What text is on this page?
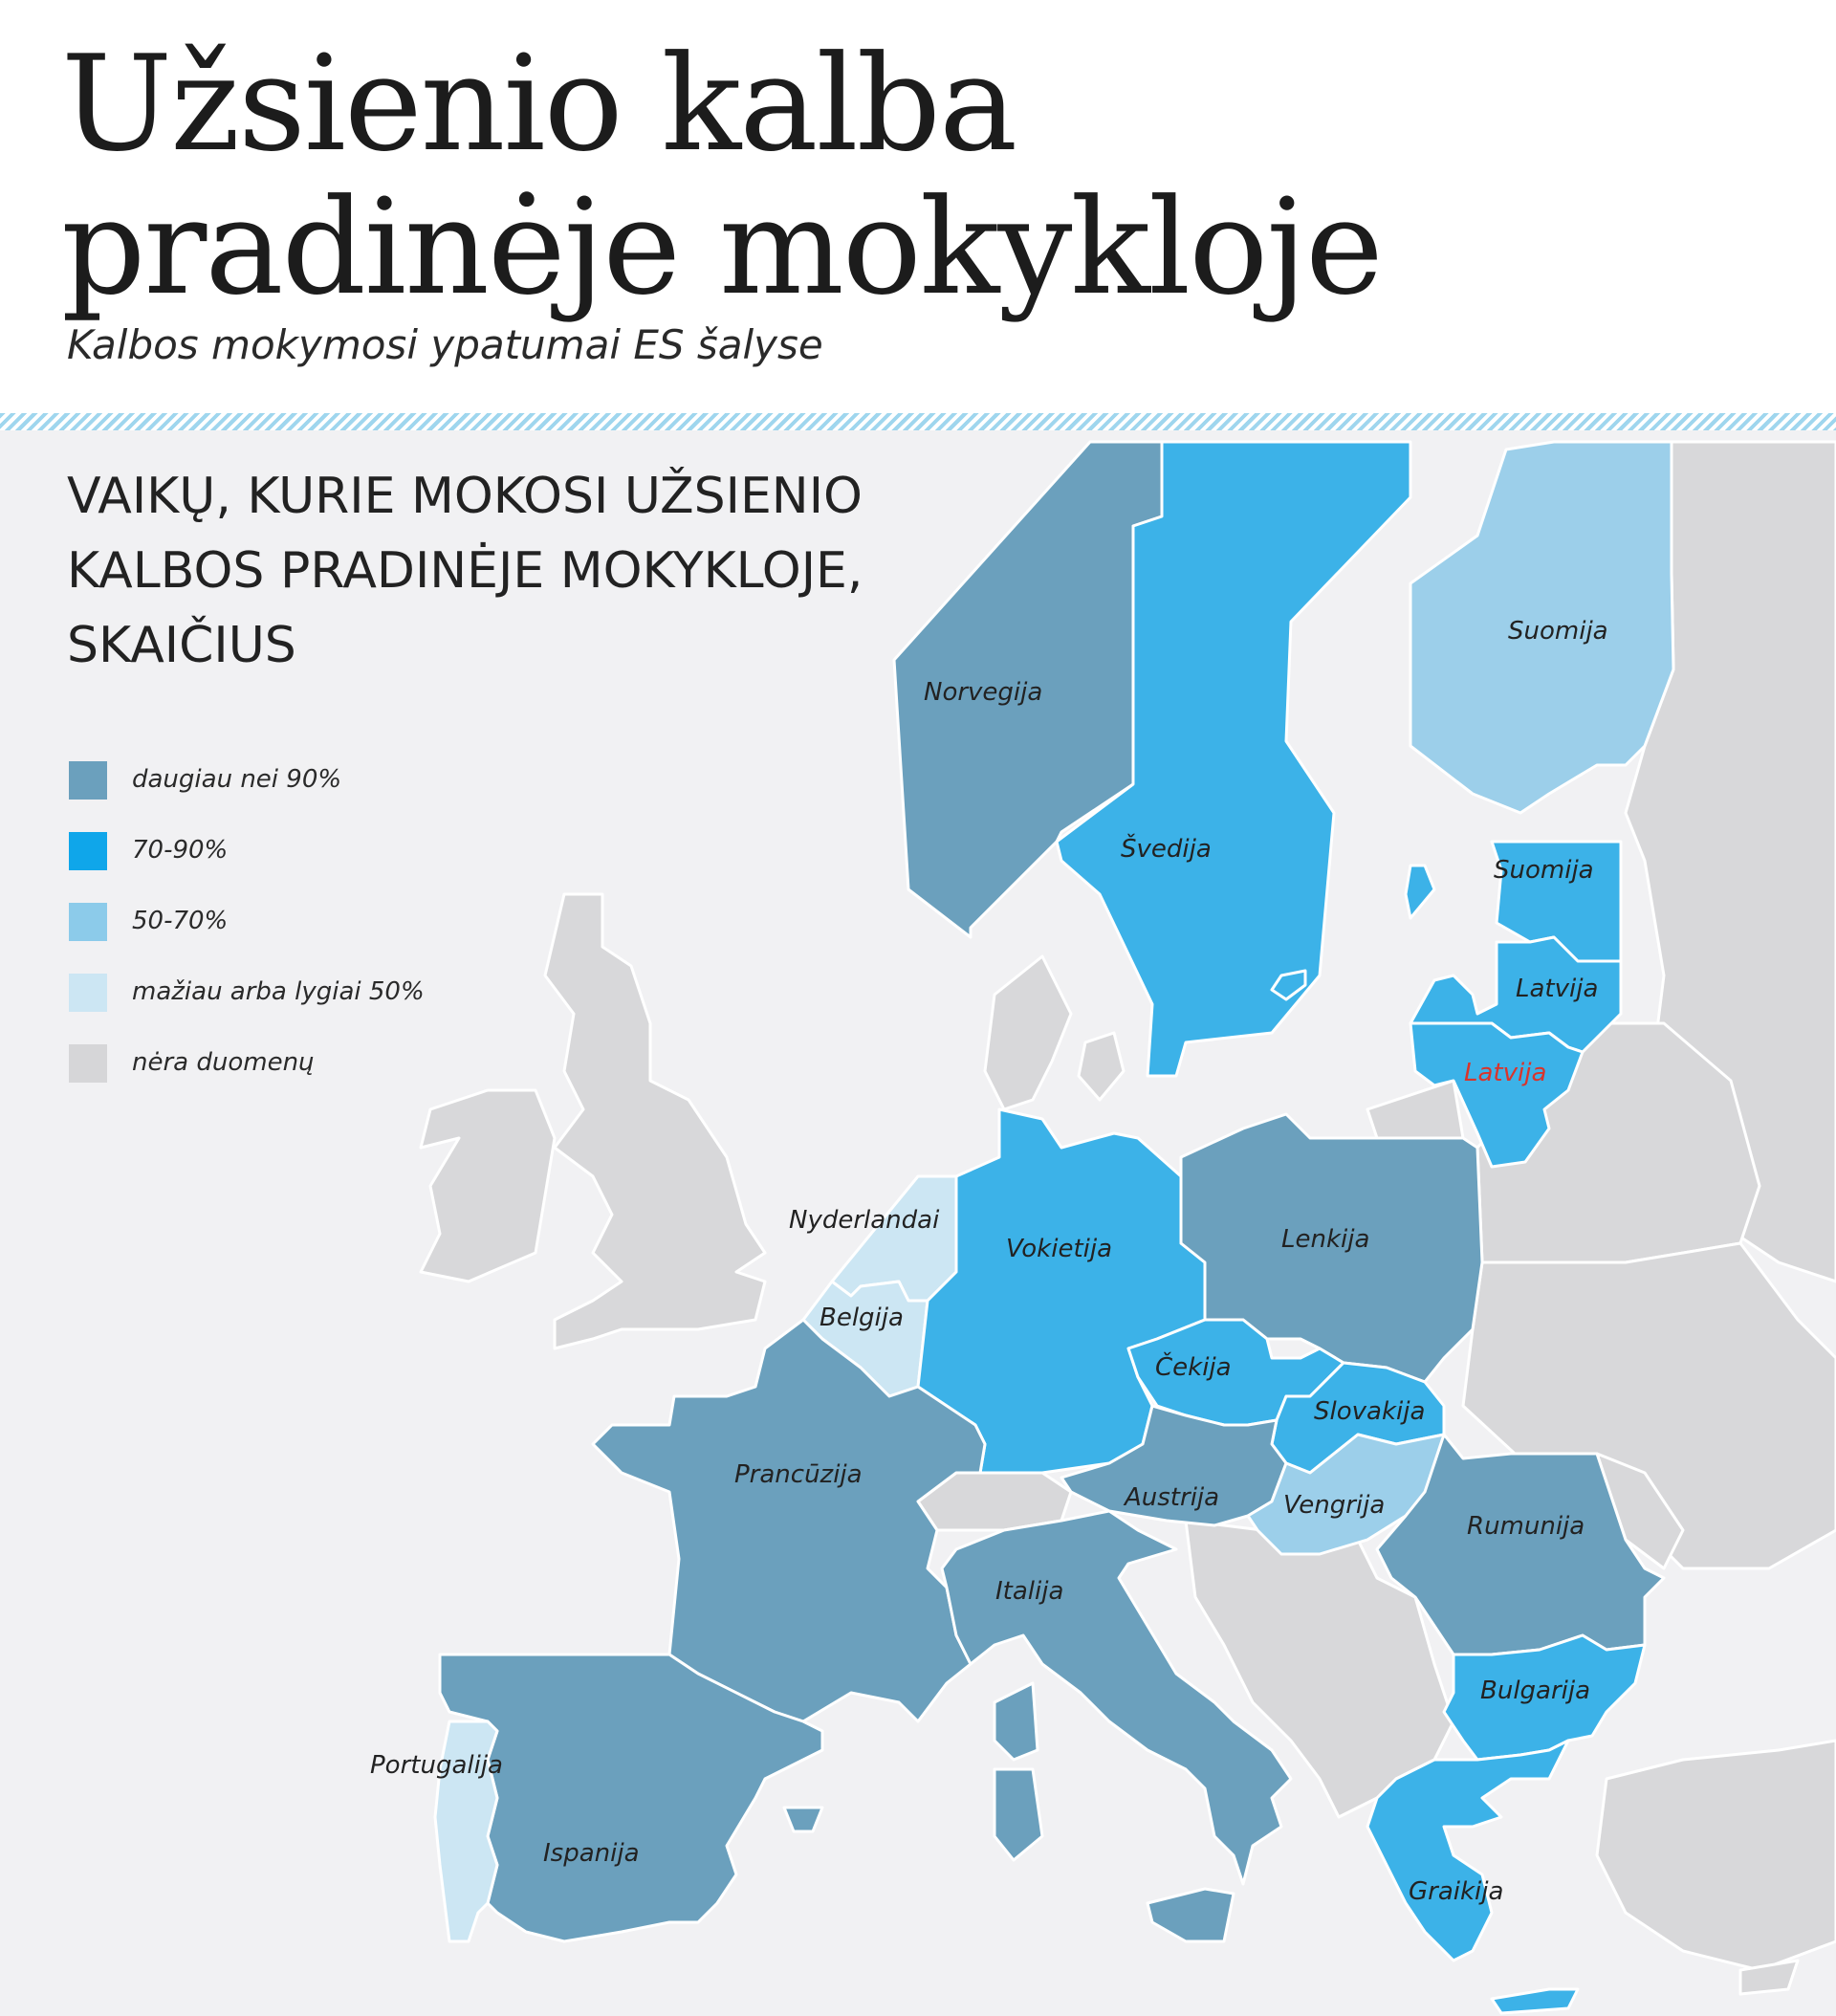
Užsienio kalba
pradinėje mokykloje
Kalbos mokymosi ypatumai ES šalyse
Norvegija
Švedija
Suomija
Suomija
Latvija
Latvija
Nyderlandai
Belgija
Vokietija	Lenkija
Čekija
Slovakija
Austrija	Vengrija
Rumunija
Prancūzija
Italija
Bulgarija
Portugalija
Ispanija
Graikija
VAIKŲ, KURIE MOKOSI UŽSIENIO
KALBOS PRADINĖJE MOKYKLOJE,
SKAIČIUS
daugiau nei 90%
70-90%
50-70%
mažiau arba lygiai 50%
nėra duomenų
